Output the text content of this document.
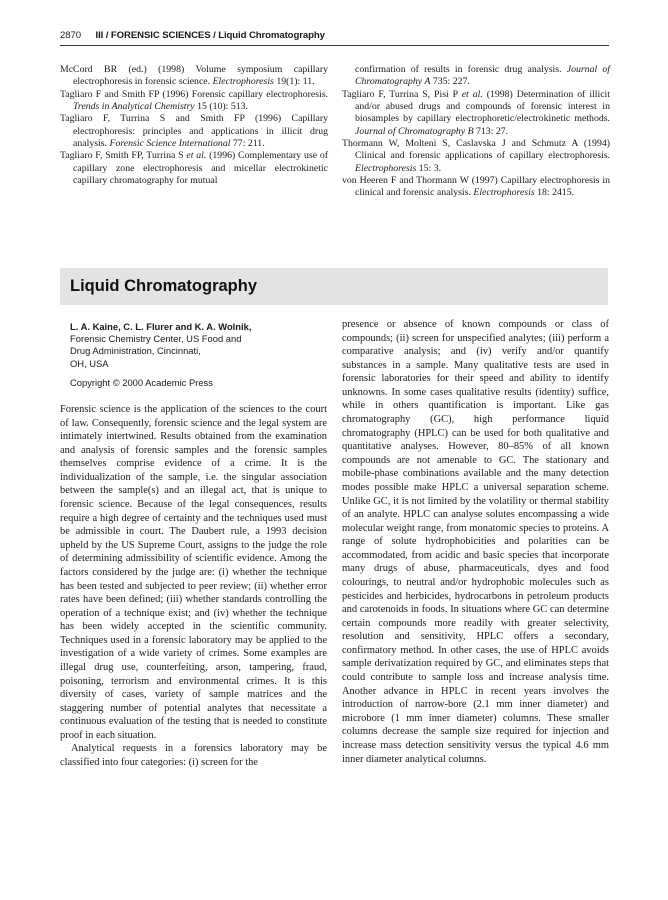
2870 III / FORENSIC SCIENCES / Liquid Chromatography
McCord BR (ed.) (1998) Volume symposium capillary electrophoresis in forensic science. Electrophoresis 19(1): 11.
Tagliaro F and Smith FP (1996) Forensic capillary electrophoresis. Trends in Analytical Chemistry 15 (10): 513.
Tagliaro F, Turrina S and Smith FP (1996) Capillary electrophoresis: principles and applications in illicit drug analysis. Forensic Science International 77: 211.
Tagliaro F, Smith FP, Turrina S et al. (1996) Complementary use of capillary zone electrophoresis and micellar electrokinetic capillary chromatography for mutual
confirmation of results in forensic drug analysis. Journal of Chromatography A 735: 227.
Tagliaro F, Turrina S, Pisi P et al. (1998) Determination of illicit and/or abused drugs and compounds of forensic interest in biosamples by capillary electrophoretic/electrokinetic methods. Journal of Chromatography B 713: 27.
Thormann W, Molteni S, Caslavska J and Schmutz A (1994) Clinical and forensic applications of capillary electrophoresis. Electrophoresis 15: 3.
von Heeren F and Thormann W (1997) Capillary electrophoresis in clinical and forensic analysis. Electrophoresis 18: 2415.
Liquid Chromatography
L. A. Kaine, C. L. Flurer and K. A. Wolnik,
Forensic Chemistry Center, US Food and
Drug Administration, Cincinnati,
OH, USA
Copyright © 2000 Academic Press

Forensic science is the application of the sciences to the court of law. Consequently, forensic science and the legal system are intimately intertwined. Results obtained from the examination and analysis of forensic samples and the forensic samples themselves comprise evidence of a crime. It is the individualization of the sample, i.e. the singular association between the sample(s) and an illegal act, that is unique to forensic science. Because of the legal consequences, results require a high degree of certainty and the techniques used must be admissible in court. The Daubert rule, a 1993 decision upheld by the US Supreme Court, assigns to the judge the role of determining admissibility of scientific evidence. Among the factors considered by the judge are: (i) whether the technique has been tested and subjected to peer review; (ii) whether error rates have been defined; (iii) whether standards controlling the operation of a technique exist; and (iv) whether the technique has been widely accepted in the scientific community. Techniques used in a forensic laboratory may be applied to the investigation of a wide variety of crimes. Some examples are illegal drug use, counterfeiting, arson, tampering, fraud, poisoning, terrorism and environmental crimes. It is this diversity of cases, variety of sample matrices and the staggering number of potential analytes that necessitate a continuous evaluation of the testing that is needed to constitute proof in each situation.

Analytical requests in a forensics laboratory may be classified into four categories: (i) screen for the

presence or absence of known compounds or class of compounds; (ii) screen for unspecified analytes; (iii) perform a comparative analysis; and (iv) verify and/or quantify substances in a sample. Many qualitative tests are used in forensic laboratories for their speed and ability to identify unknowns. In some cases qualitative results (identity) suffice, while in others quantification is important. Like gas chromatography (GC), high performance liquid chromatography (HPLC) can be used for both qualitative and quantitative analyses. However, 80–85% of all known compounds are not amenable to GC. The stationary and mobile-phase combinations available and the many detection modes possible make HPLC a universal separation scheme. Unlike GC, it is not limited by the volatility or thermal stability of an analyte. HPLC can analyse solutes encompassing a wide molecular weight range, from monatomic species to proteins. A range of solute hydrophobicities and polarities can be accommodated, from acidic and basic species that incorporate many drugs of abuse, pharmaceuticals, dyes and food colourings, to neutral and/or hydrophobic molecules such as pesticides and herbicides, hydrocarbons in petroleum products and carotenoids in foods. In situations where GC can determine certain compounds more readily with greater selectivity, resolution and sensitivity, HPLC offers a secondary, confirmatory method. In other cases, the use of HPLC avoids sample derivatization required by GC, and eliminates steps that could contribute to sample loss and increase analysis time. Another advance in HPLC in recent years involves the introduction of narrow-bore (2.1 mm inner diameter) and microbore (1 mm inner diameter) columns. These smaller columns decrease the sample size required for injection and increase mass detection sensitivity versus the typical 4.6 mm inner diameter analytical columns.
